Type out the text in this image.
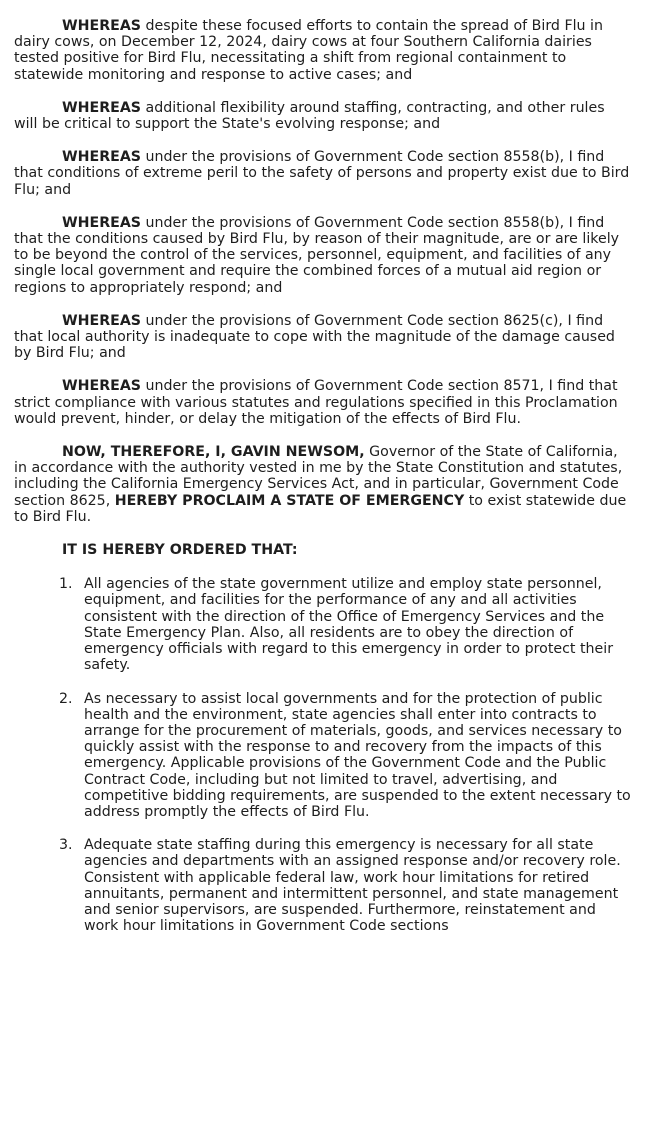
WHEREAS despite these focused efforts to contain the spread of Bird Flu in dairy cows, on December 12, 2024, dairy cows at four Southern California dairies tested positive for Bird Flu, necessitating a shift from regional containment to statewide monitoring and response to active cases; and

WHEREAS additional flexibility around staffing, contracting, and other rules will be critical to support the State's evolving response; and

WHEREAS under the provisions of Government Code section 8558(b), I find that conditions of extreme peril to the safety of persons and property exist due to Bird Flu; and

WHEREAS under the provisions of Government Code section 8558(b), I find that the conditions caused by Bird Flu, by reason of their magnitude, are or are likely to be beyond the control of the services, personnel, equipment, and facilities of any single local government and require the combined forces of a mutual aid region or regions to appropriately respond; and

WHEREAS under the provisions of Government Code section 8625(c), I find that local authority is inadequate to cope with the magnitude of the damage caused by Bird Flu; and

WHEREAS under the provisions of Government Code section 8571, I find that strict compliance with various statutes and regulations specified in this Proclamation would prevent, hinder, or delay the mitigation of the effects of Bird Flu.

NOW, THEREFORE, I, GAVIN NEWSOM, Governor of the State of California, in accordance with the authority vested in me by the State Constitution and statutes, including the California Emergency Services Act, and in particular, Government Code section 8625, HEREBY PROCLAIM A STATE OF EMERGENCY to exist statewide due to Bird Flu.

IT IS HEREBY ORDERED THAT:
1. All agencies of the state government utilize and employ state personnel, equipment, and facilities for the performance of any and all activities consistent with the direction of the Office of Emergency Services and the State Emergency Plan. Also, all residents are to obey the direction of emergency officials with regard to this emergency in order to protect their safety.
2. As necessary to assist local governments and for the protection of public health and the environment, state agencies shall enter into contracts to arrange for the procurement of materials, goods, and services necessary to quickly assist with the response to and recovery from the impacts of this emergency. Applicable provisions of the Government Code and the Public Contract Code, including but not limited to travel, advertising, and competitive bidding requirements, are suspended to the extent necessary to address promptly the effects of Bird Flu.
3. Adequate state staffing during this emergency is necessary for all state agencies and departments with an assigned response and/or recovery role. Consistent with applicable federal law, work hour limitations for retired annuitants, permanent and intermittent personnel, and state management and senior supervisors, are suspended. Furthermore, reinstatement and work hour limitations in Government Code sections
